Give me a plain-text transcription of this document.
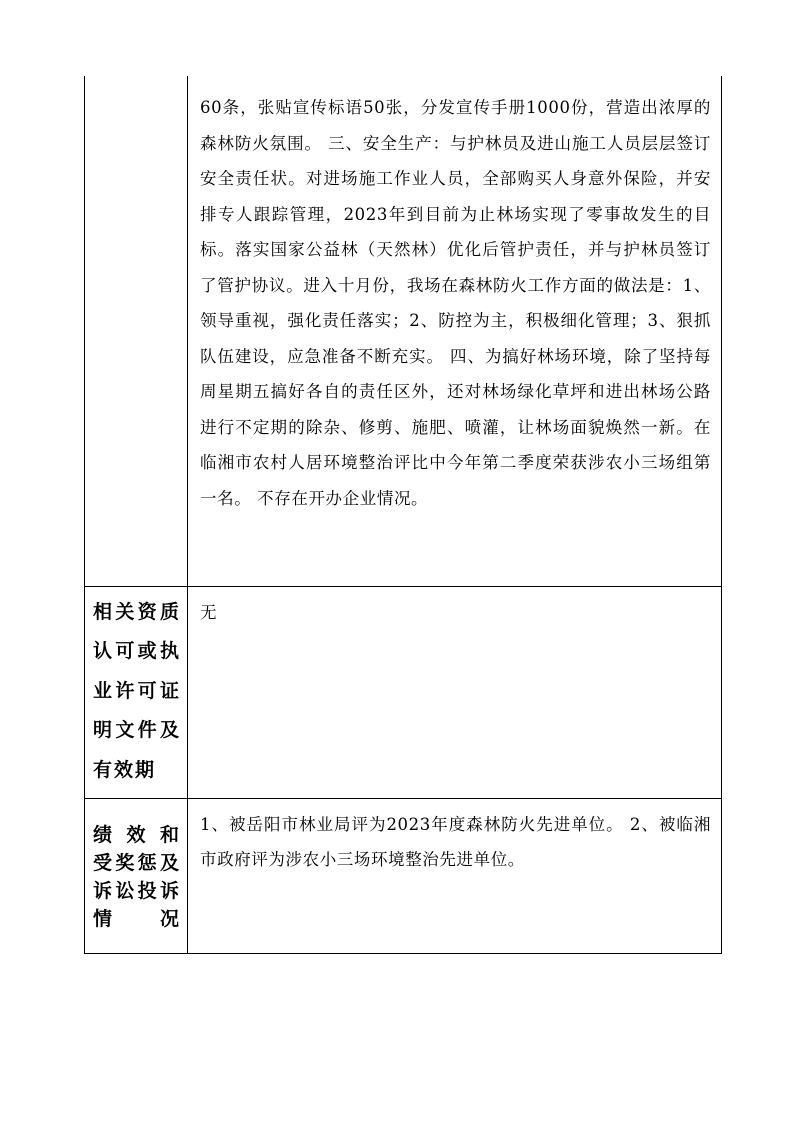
	60条，张贴宣传标语50张，分发宣传手册1000份，营造出浓厚的森林防火氛围。 三、安全生产：与护林员及进山施工人员层层签订安全责任状。对进场施工作业人员，全部购买人身意外保险，并安排专人跟踪管理，2023年到目前为止林场实现了零事故发生的目标。落实国家公益林（天然林）优化后管护责任，并与护林员签订了管护协议。进入十月份，我场在森林防火工作方面的做法是：1、领导重视，强化责任落实；2、防控为主，积极细化管理；3、狠抓队伍建设，应急准备不断充实。 四、为搞好林场环境，除了坚持每周星期五搞好各自的责任区外，还对林场绿化草坪和进出林场公路进行不定期的除杂、修剪、施肥、喷灌，让林场面貌焕然一新。在临湘市农村人居环境整治评比中今年第二季度荣获涉农小三场组第一名。 不存在开办企业情况。

相关资质
认可或执
业许可证
明文件及
有效期	无

绩效和
受奖惩及
诉讼投诉
情况	1、被岳阳市林业局评为2023年度森林防火先进单位。 2、被临湘市政府评为涉农小三场环境整治先进单位。
